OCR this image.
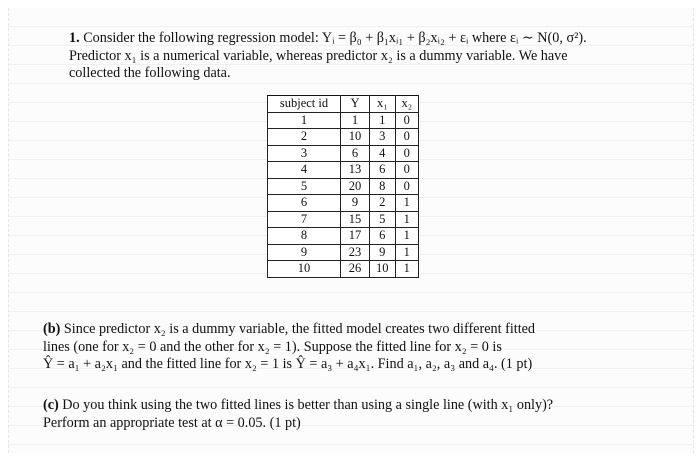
1. Consider the following regression model: Yᵢ = β₀ + β₁xᵢ₁ + β₂xᵢ₂ + εᵢ where εᵢ ∼ N(0, σ²).
Predictor x₁ is a numerical variable, whereas predictor x₂ is a dummy variable. We have
collected the following data.
subject id	Y	x₁	x₂
1	1	1	0
2	10	3	0
3	6	4	0
4	13	6	0
5	20	8	0
6	9	2	1
7	15	5	1
8	17	6	1
9	23	9	1
10	26	10	1
(b) Since predictor x₂ is a dummy variable, the fitted model creates two different fitted
lines (one for x₂ = 0 and the other for x₂ = 1). Suppose the fitted line for x₂ = 0 is
Ŷ = a₁ + a₂x₁ and the fitted line for x₂ = 1 is Ŷ = a₃ + a₄x₁. Find a₁, a₂, a₃ and a₄. (1 pt)
(c) Do you think using the two fitted lines is better than using a single line (with x₁ only)?
Perform an appropriate test at α = 0.05. (1 pt)
